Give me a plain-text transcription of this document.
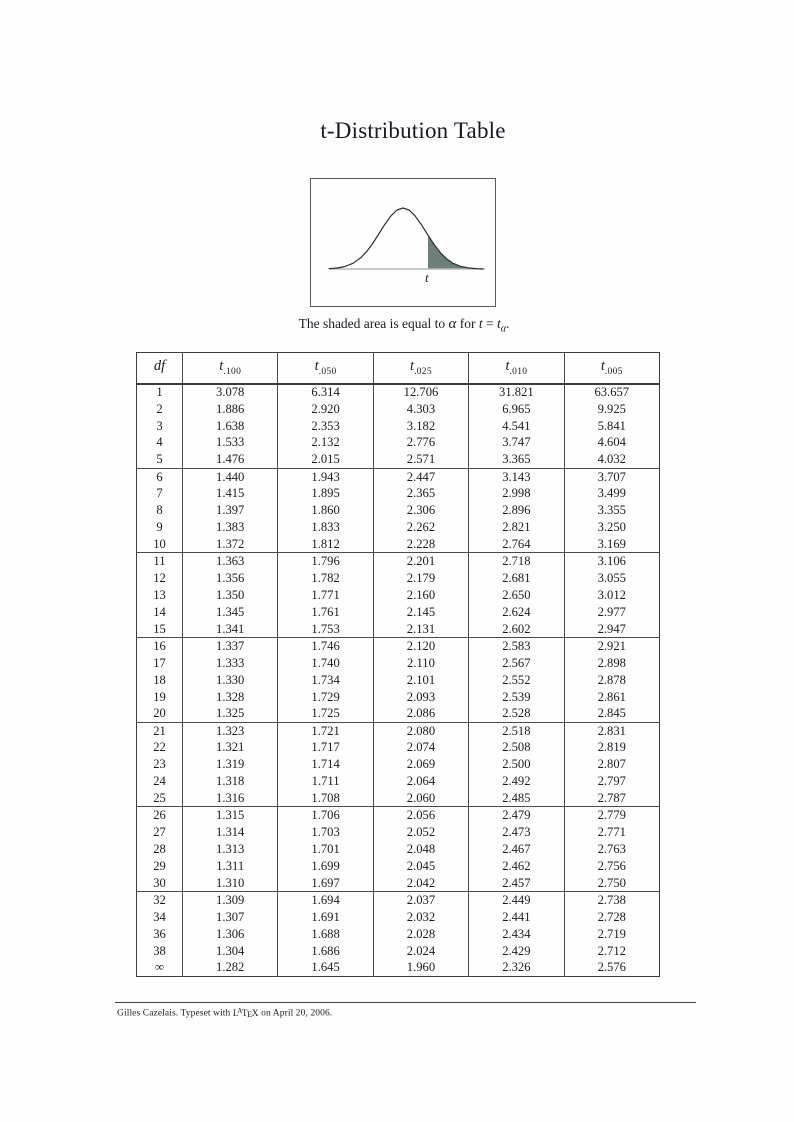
t-Distribution Table
t
The shaded area is equal to α for $t = t_\alpha$.
df	$t_{.100}$	$t_{.050}$	$t_{.025}$	$t_{.010}$	$t_{.005}$
1	3.078	6.314	12.706	31.821	63.657
2	1.886	2.920	4.303	6.965	9.925
3	1.638	2.353	3.182	4.541	5.841
4	1.533	2.132	2.776	3.747	4.604
5	1.476	2.015	2.571	3.365	4.032
6	1.440	1.943	2.447	3.143	3.707
7	1.415	1.895	2.365	2.998	3.499
8	1.397	1.860	2.306	2.896	3.355
9	1.383	1.833	2.262	2.821	3.250
10	1.372	1.812	2.228	2.764	3.169
11	1.363	1.796	2.201	2.718	3.106
12	1.356	1.782	2.179	2.681	3.055
13	1.350	1.771	2.160	2.650	3.012
14	1.345	1.761	2.145	2.624	2.977
15	1.341	1.753	2.131	2.602	2.947
16	1.337	1.746	2.120	2.583	2.921
17	1.333	1.740	2.110	2.567	2.898
18	1.330	1.734	2.101	2.552	2.878
19	1.328	1.729	2.093	2.539	2.861
20	1.325	1.725	2.086	2.528	2.845
21	1.323	1.721	2.080	2.518	2.831
22	1.321	1.717	2.074	2.508	2.819
23	1.319	1.714	2.069	2.500	2.807
24	1.318	1.711	2.064	2.492	2.797
25	1.316	1.708	2.060	2.485	2.787
26	1.315	1.706	2.056	2.479	2.779
27	1.314	1.703	2.052	2.473	2.771
28	1.313	1.701	2.048	2.467	2.763
29	1.311	1.699	2.045	2.462	2.756
30	1.310	1.697	2.042	2.457	2.750
32	1.309	1.694	2.037	2.449	2.738
34	1.307	1.691	2.032	2.441	2.728
36	1.306	1.688	2.028	2.434	2.719
38	1.304	1.686	2.024	2.429	2.712
∞	1.282	1.645	1.960	2.326	2.576
Gilles Cazelais. Typeset with $L^ATEX$ on April 20, 2006.
